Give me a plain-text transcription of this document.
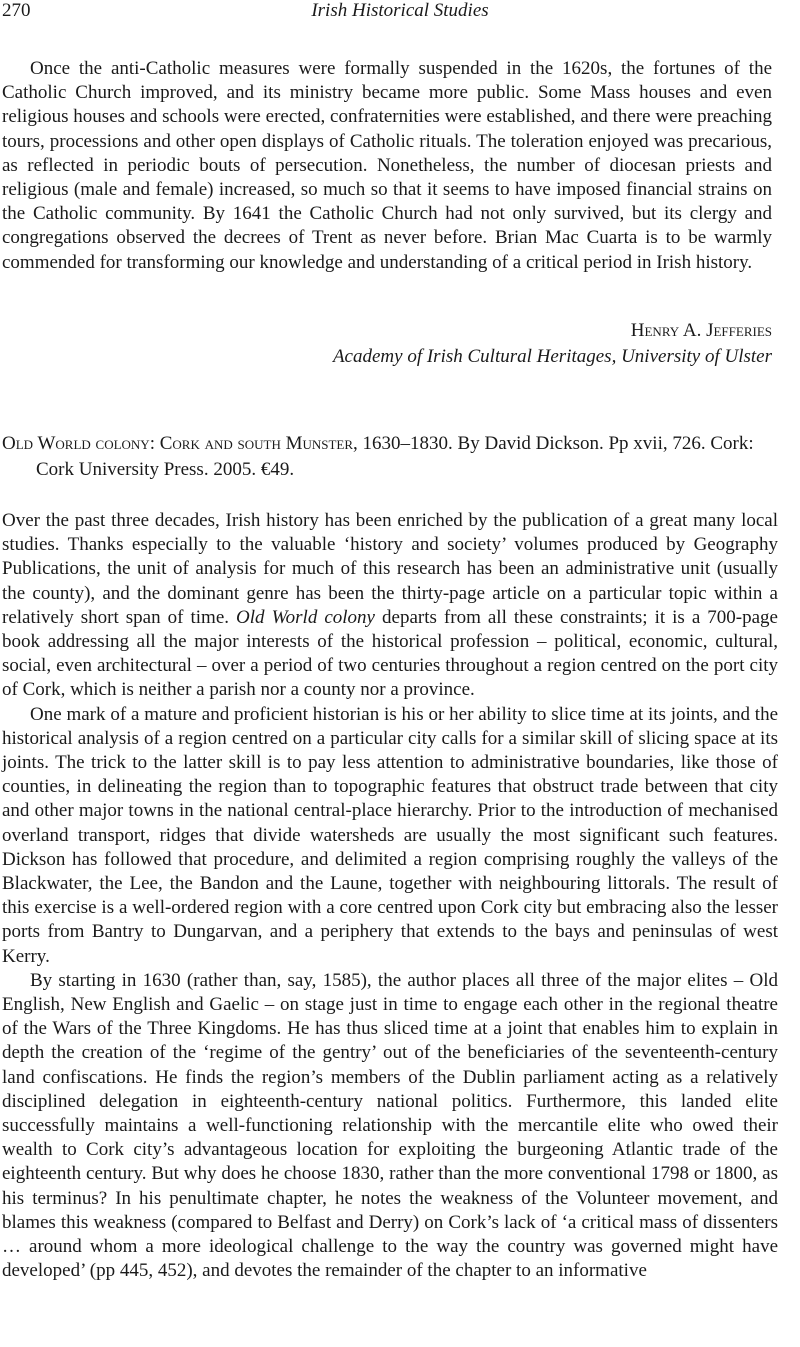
270	Irish Historical Studies

Once the anti-Catholic measures were formally suspended in the 1620s, the fortunes of the Catholic Church improved, and its ministry became more public. Some Mass houses and even religious houses and schools were erected, confraternities were established, and there were preaching tours, processions and other open displays of Catholic rituals. The toleration enjoyed was precarious, as reflected in periodic bouts of persecution. Nonetheless, the number of diocesan priests and religious (male and female) increased, so much so that it seems to have imposed financial strains on the Catholic community. By 1641 the Catholic Church had not only survived, but its clergy and congregations observed the decrees of Trent as never before. Brian Mac Cuarta is to be warmly commended for transforming our knowledge and understanding of a critical period in Irish history.

Henry A. Jefferies
Academy of Irish Cultural Heritages, University of Ulster

Old World colony: Cork and south Munster, 1630–1830. By David Dickson. Pp xvii, 726. Cork: Cork University Press. 2005. €49.

Over the past three decades, Irish history has been enriched by the publication of a great many local studies. Thanks especially to the valuable ‘history and society’ volumes produced by Geography Publications, the unit of analysis for much of this research has been an administrative unit (usually the county), and the dominant genre has been the thirty-page article on a particular topic within a relatively short span of time. Old World colony departs from all these constraints; it is a 700-page book addressing all the major interests of the historical profession – political, economic, cultural, social, even architectural – over a period of two centuries throughout a region centred on the port city of Cork, which is neither a parish nor a county nor a province.

One mark of a mature and proficient historian is his or her ability to slice time at its joints, and the historical analysis of a region centred on a particular city calls for a similar skill of slicing space at its joints. The trick to the latter skill is to pay less attention to administrative boundaries, like those of counties, in delineating the region than to topographic features that obstruct trade between that city and other major towns in the national central-place hierarchy. Prior to the introduction of mechanised overland transport, ridges that divide watersheds are usually the most significant such features. Dickson has followed that procedure, and delimited a region comprising roughly the valleys of the Blackwater, the Lee, the Bandon and the Laune, together with neighbouring littorals. The result of this exercise is a well-ordered region with a core centred upon Cork city but embracing also the lesser ports from Bantry to Dungarvan, and a periphery that extends to the bays and peninsulas of west Kerry.

By starting in 1630 (rather than, say, 1585), the author places all three of the major elites – Old English, New English and Gaelic – on stage just in time to engage each other in the regional theatre of the Wars of the Three Kingdoms. He has thus sliced time at a joint that enables him to explain in depth the creation of the ‘regime of the gentry’ out of the beneficiaries of the seventeenth-century land confiscations. He finds the region’s members of the Dublin parliament acting as a relatively disciplined delegation in eighteenth-century national politics. Furthermore, this landed elite successfully maintains a well-functioning relationship with the mercantile elite who owed their wealth to Cork city’s advantageous location for exploiting the burgeoning Atlantic trade of the eighteenth century. But why does he choose 1830, rather than the more conventional 1798 or 1800, as his terminus? In his penultimate chapter, he notes the weakness of the Volunteer movement, and blames this weakness (compared to Belfast and Derry) on Cork’s lack of ‘a critical mass of dissenters … around whom a more ideological challenge to the way the country was governed might have developed’ (pp 445, 452), and devotes the remainder of the chapter to an informative
